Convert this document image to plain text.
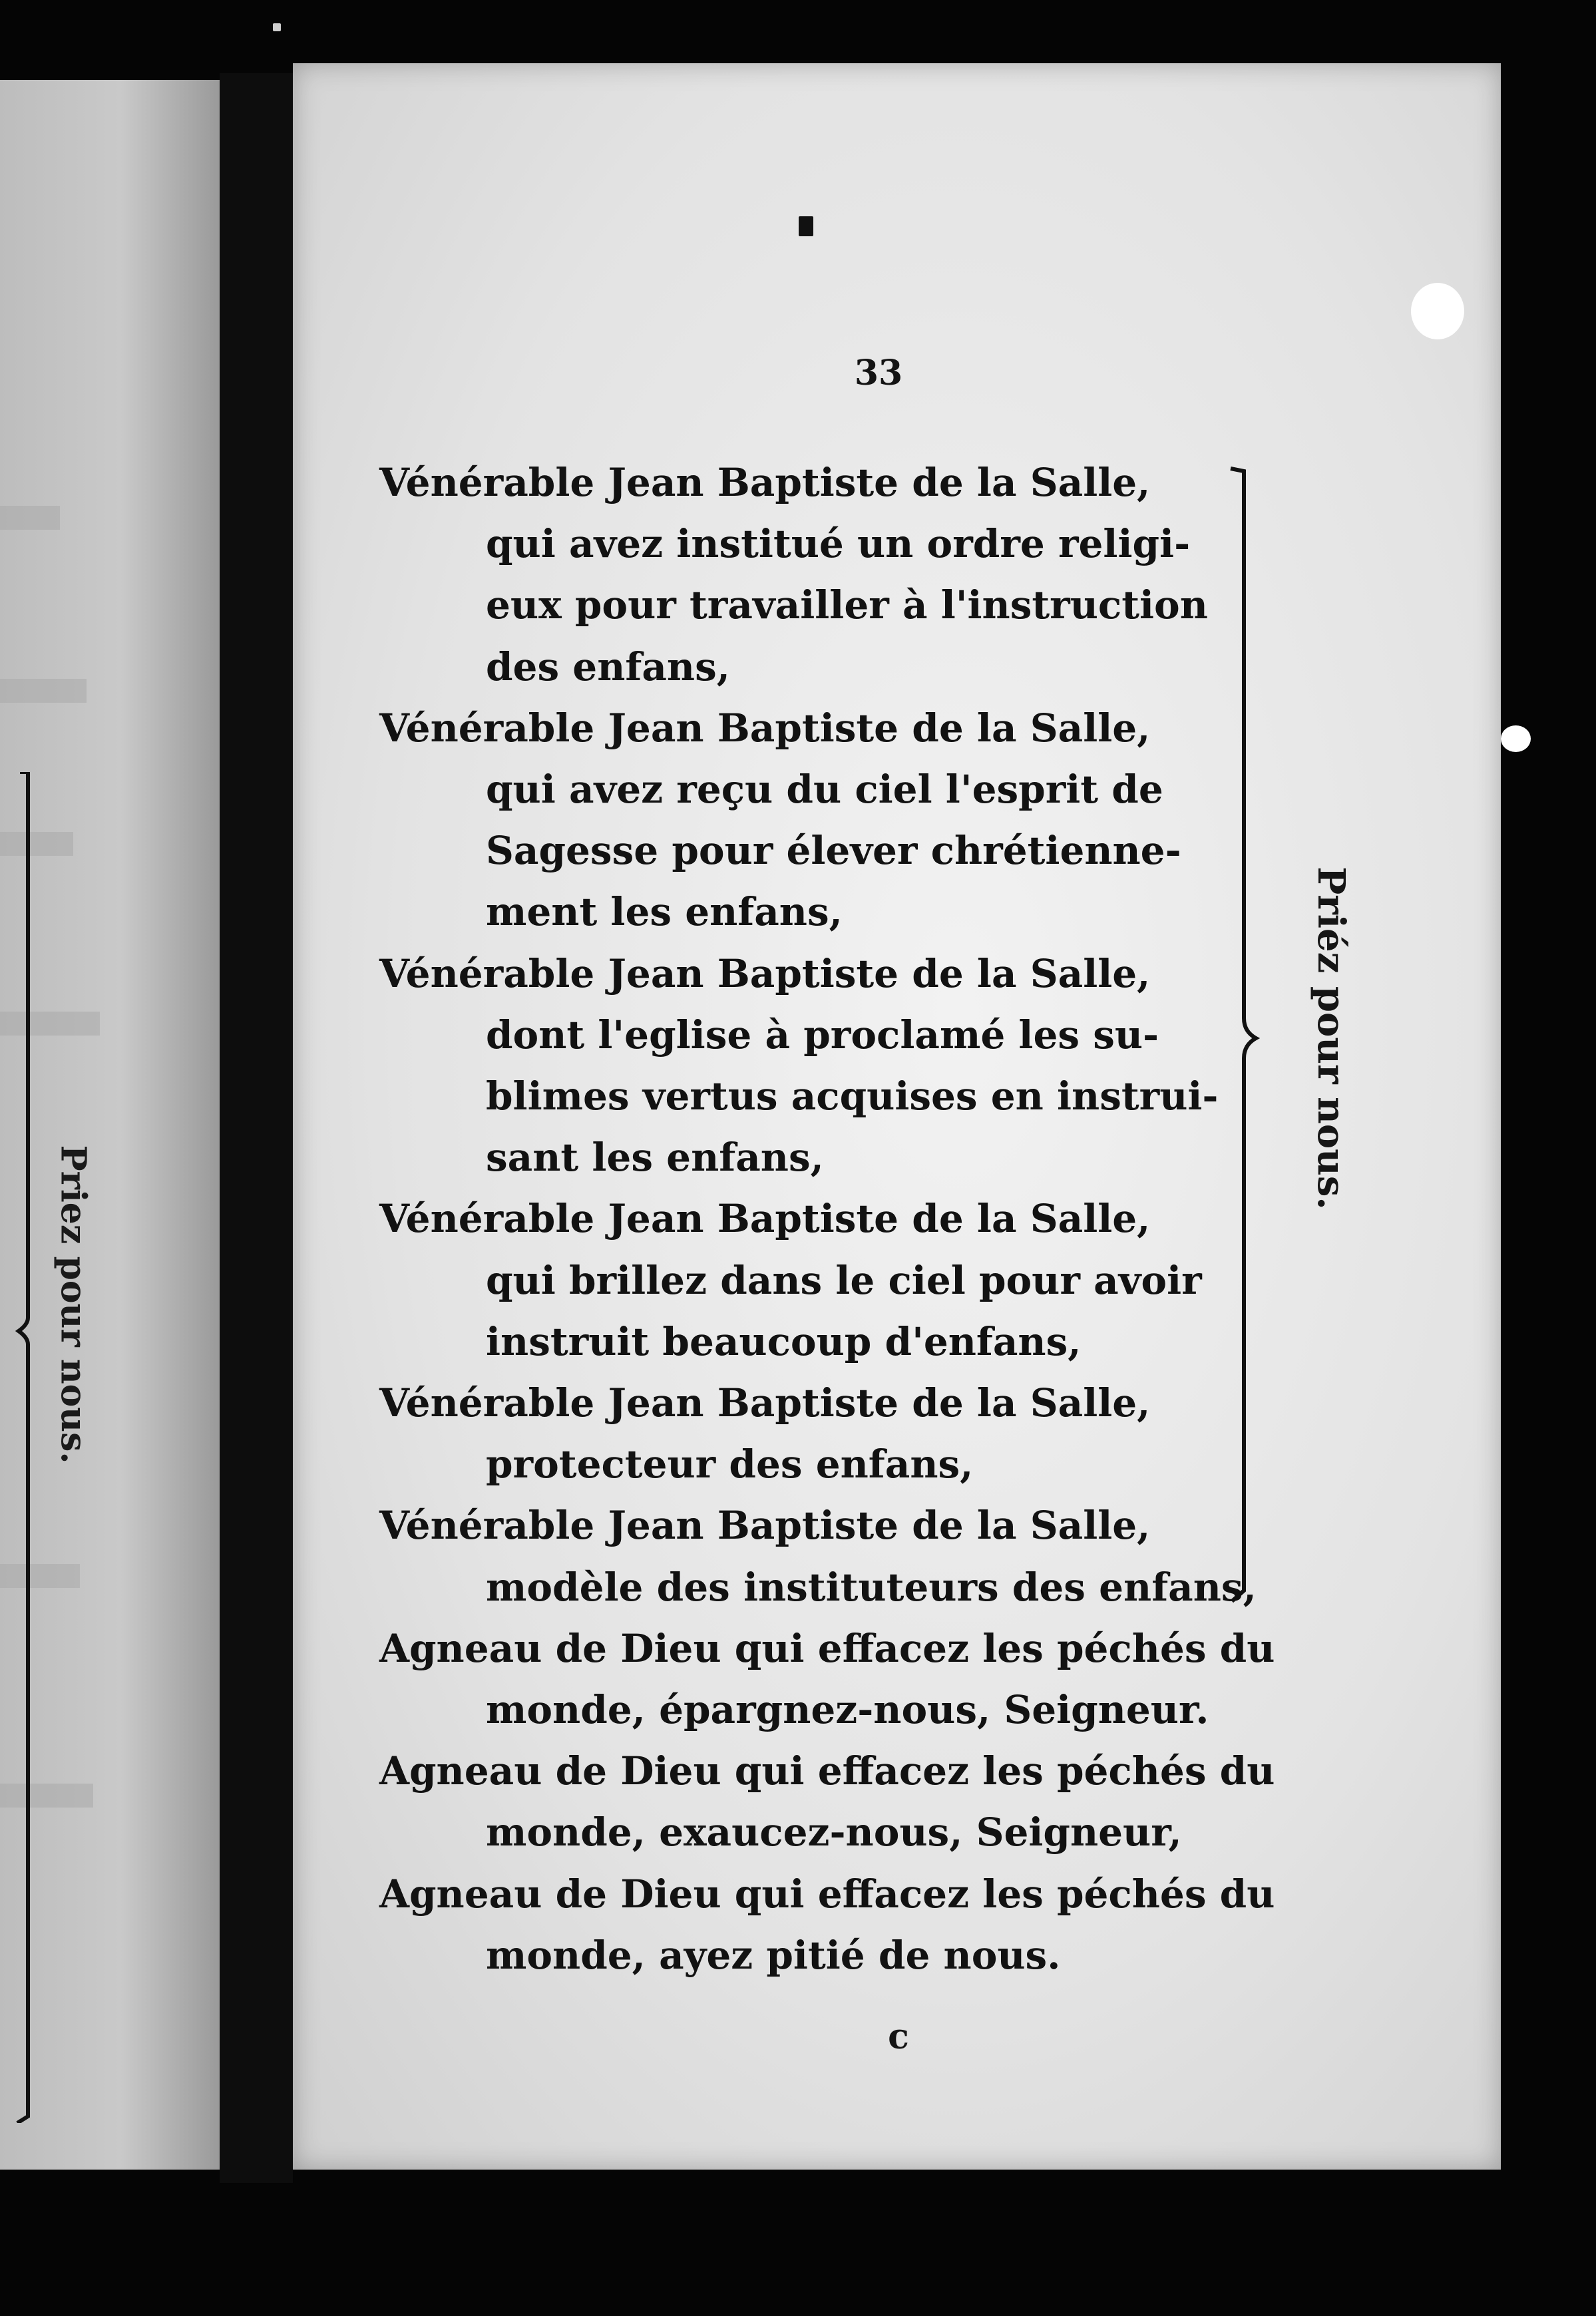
Priez pour nous.
33
Vénérable Jean Baptiste de la Salle,
qui avez institué un ordre religi-
eux pour travailler à l'instruction
des enfans,
Vénérable Jean Baptiste de la Salle,
qui avez reçu du ciel l'esprit de
Sagesse pour élever chrétienne-
ment les enfans,
Vénérable Jean Baptiste de la Salle,
dont l'eglise à proclamé les su-
blimes vertus acquises en instrui-
sant les enfans,
Vénérable Jean Baptiste de la Salle,
qui brillez dans le ciel pour avoir
instruit beaucoup d'enfans,
Vénérable Jean Baptiste de la Salle,
protecteur des enfans,
Vénérable Jean Baptiste de la Salle,
modèle des instituteurs des enfans,
Agneau de Dieu qui effacez les péchés du
monde, épargnez-nous, Seigneur.
Agneau de Dieu qui effacez les péchés du
monde, exaucez-nous, Seigneur,
Agneau de Dieu qui effacez les péchés du
monde, ayez pitié de nous.
Priéz pour nous.
c
